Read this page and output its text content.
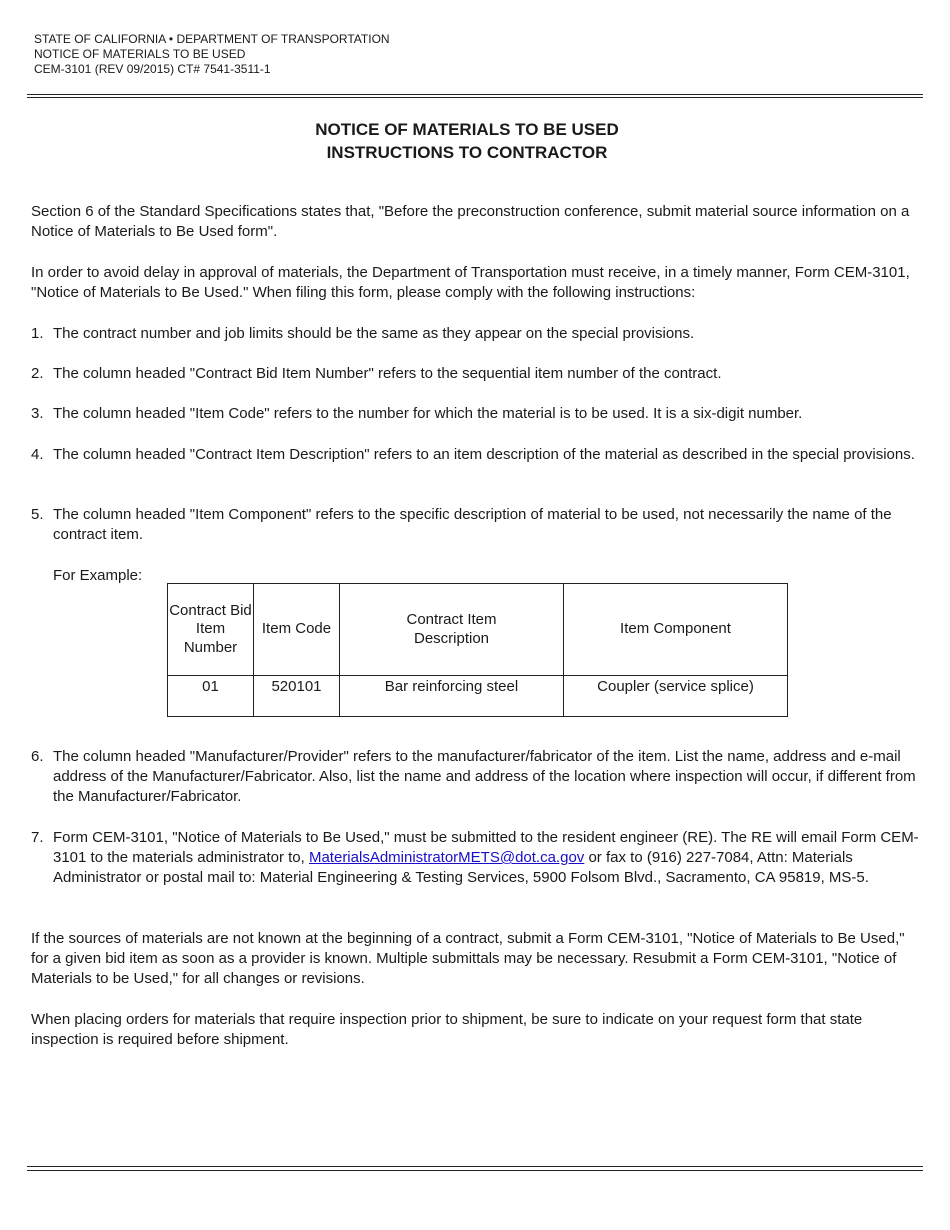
STATE OF CALIFORNIA • DEPARTMENT OF TRANSPORTATION
NOTICE OF MATERIALS TO BE USED
CEM-3101 (REV 09/2015) CT# 7541-3511-1
NOTICE OF MATERIALS TO BE USED
INSTRUCTIONS TO CONTRACTOR
Section 6 of the Standard Specifications states that, "Before the preconstruction conference, submit material source information on a Notice of Materials to Be Used form".
In order to avoid delay in approval of materials, the Department of Transportation must receive, in a timely manner, Form CEM-3101, "Notice of Materials to Be Used." When filing this form, please comply with the following instructions:
1. The contract number and job limits should be the same as they appear on the special provisions.
2. The column headed "Contract Bid Item Number" refers to the sequential item number of the contract.
3. The column headed "Item Code" refers to the number for which the material is to be used. It is a six-digit number.
4. The column headed "Contract Item Description" refers to an item description of the material as described in the special provisions.
5. The column headed "Item Component" refers to the specific description of material to be used, not necessarily the name of the contract item.
For Example:
Contract Bid Item Number	Item Code	Contract Item Description	Item Component
01	520101	Bar reinforcing steel	Coupler (service splice)
6. The column headed "Manufacturer/Provider" refers to the manufacturer/fabricator of the item. List the name, address and e-mail address of the Manufacturer/Fabricator. Also, list the name and address of the location where inspection will occur, if different from the Manufacturer/Fabricator.
7. Form CEM-3101, "Notice of Materials to Be Used," must be submitted to the resident engineer (RE). The RE will email Form CEM-3101 to the materials administrator to, MaterialsAdministratorMETS@dot.ca.gov or fax to (916) 227-7084, Attn: Materials Administrator or postal mail to: Material Engineering & Testing Services, 5900 Folsom Blvd., Sacramento, CA 95819, MS-5.
If the sources of materials are not known at the beginning of a contract, submit a Form CEM-3101, "Notice of Materials to Be Used," for a given bid item as soon as a provider is known. Multiple submittals may be necessary. Resubmit a Form CEM-3101, "Notice of Materials to be Used," for all changes or revisions.
When placing orders for materials that require inspection prior to shipment, be sure to indicate on your request form that state inspection is required before shipment.
